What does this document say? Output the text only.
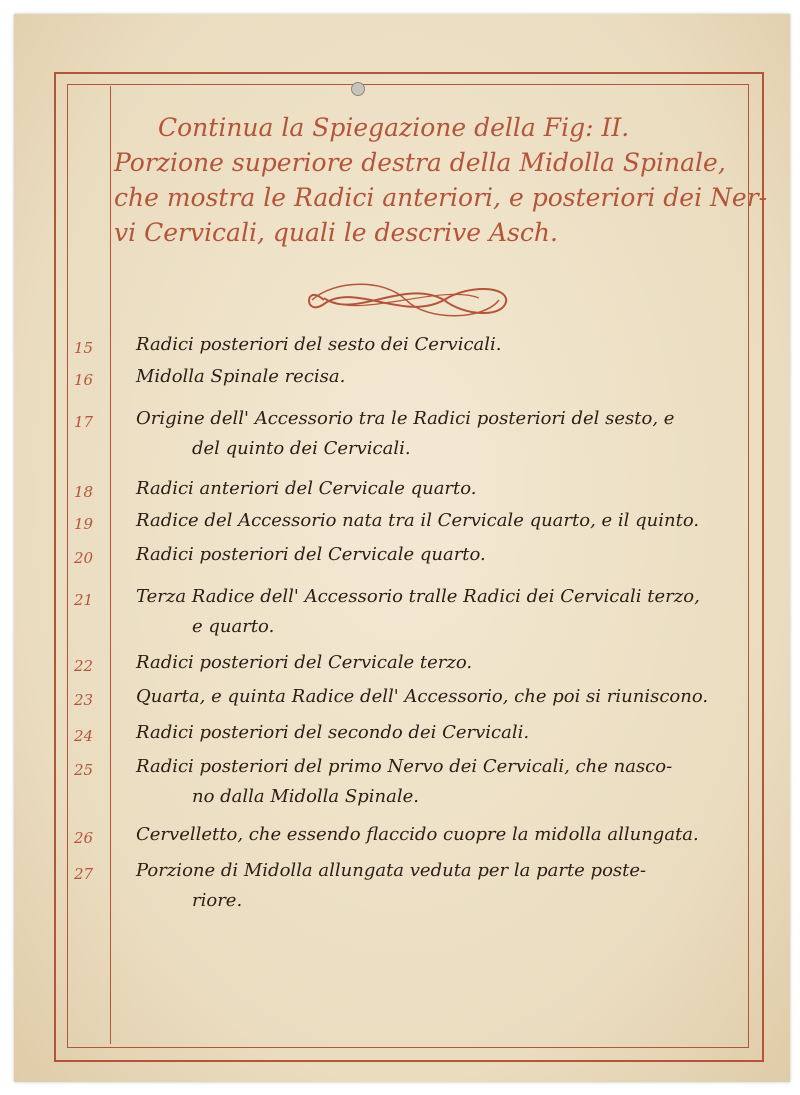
Continua la Spiegazione della Fig: II.
Porzione superiore destra della Midolla Spinale,
che mostra le Radici anteriori, e posteriori dei Ner-
vi Cervicali, quali le descrive Asch.
15	Radici posteriori del sesto dei Cervicali.
16	Midolla Spinale recisa.
17	Origine dell' Accessorio tra le Radici posteriori del sesto, e
del quinto dei Cervicali.
18	Radici anteriori del Cervicale quarto.
19	Radice del Accessorio nata tra il Cervicale quarto, e il quinto.
20	Radici posteriori del Cervicale quarto.
21	Terza Radice dell' Accessorio tralle Radici dei Cervicali terzo,
e quarto.
22	Radici posteriori del Cervicale terzo.
23	Quarta, e quinta Radice dell' Accessorio, che poi si riuniscono.
24	Radici posteriori del secondo dei Cervicali.
25	Radici posteriori del primo Nervo dei Cervicali, che nasco-
no dalla Midolla Spinale.
26	Cervelletto, che essendo flaccido cuopre la midolla allungata.
27	Porzione di Midolla allungata veduta per la parte poste-
riore.
